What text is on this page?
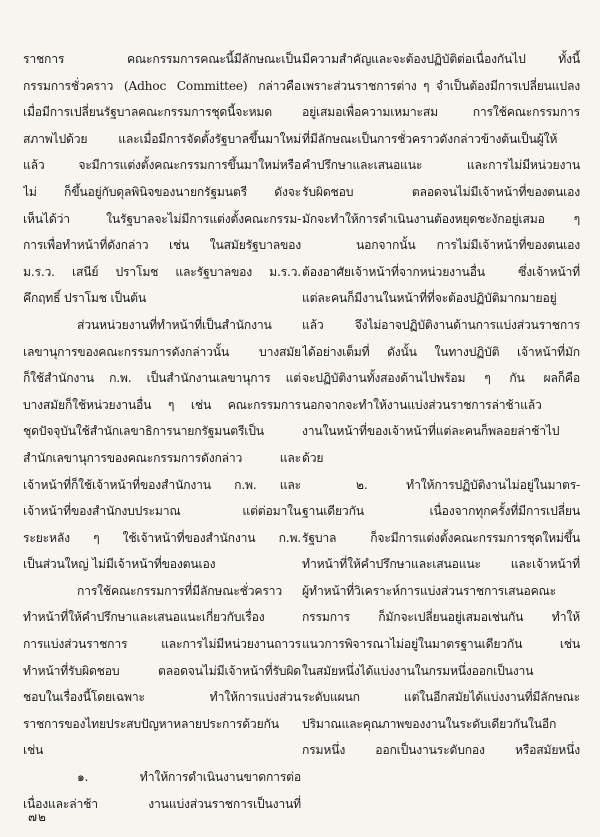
ราชการ คณะกรรมการคณะนี้มีลักษณะเป็น
กรรมการชั่วคราว (Adhoc Committee) กล่าวคือ
เมื่อมีการเปลี่ยนรัฐบาลคณะกรรมการชุดนี้จะหมด
สภาพไปด้วย และเมื่อมีการจัดตั้งรัฐบาลขึ้นมาใหม่
แล้ว จะมีการแต่งตั้งคณะกรรมการขึ้นมาใหม่หรือ
ไม่ ก็ขึ้นอยู่กับดุลพินิจของนายกรัฐมนตรี ดังจะ
เห็นได้ว่า ในรัฐบาลจะไม่มีการแต่งตั้งคณะกรรม-
การเพื่อทำหน้าที่ดังกล่าว เช่น ในสมัยรัฐบาลของ
ม.ร.ว. เสนีย์ ปราโมช และรัฐบาลของ ม.ร.ว.
คึกฤทธิ์ ปราโมช เป็นต้น
ส่วนหน่วยงานที่ทำหน้าที่เป็นสำนักงาน
เลขานุการของคณะกรรมการดังกล่าวนั้น บางสมัย
ก็ใช้สำนักงาน ก.พ. เป็นสำนักงานเลขานุการ แต่
บางสมัยก็ใช้หน่วยงานอื่น ๆ เช่น คณะกรรมการ
ชุดปัจจุบันใช้สำนักเลขาธิการนายกรัฐมนตรีเป็น
สำนักเลขานุการของคณะกรรมการดังกล่าว และ
เจ้าหน้าที่ก็ใช้เจ้าหน้าที่ของสำนักงาน ก.พ. และ
เจ้าหน้าที่ของสำนักงบประมาณ แต่ต่อมาใน
ระยะหลัง ๆ ใช้เจ้าหน้าที่ของสำนักงาน ก.พ.
เป็นส่วนใหญ่ ไม่มีเจ้าหน้าที่ของตนเอง
การใช้คณะกรรมการที่มีลักษณะชั่วคราว
ทำหน้าที่ให้คำปรึกษาและเสนอแนะเกี่ยวกับเรื่อง
การแบ่งส่วนราชการ และการไม่มีหน่วยงานถาวร
ทำหน้าที่รับผิดชอบ ตลอดจนไม่มีเจ้าหน้าที่รับผิด
ชอบในเรื่องนี้โดยเฉพาะ ทำให้การแบ่งส่วน
ราชการของไทยประสบปัญหาหลายประการด้วยกัน
เช่น
๑. ทำให้การดำเนินงานขาดการต่อ
เนื่องและล่าช้า งานแบ่งส่วนราชการเป็นงานที่
มีความสำคัญและจะต้องปฏิบัติต่อเนื่องกันไป ทั้งนี้
เพราะส่วนราชการต่าง ๆ จำเป็นต้องมีการเปลี่ยนแปลง
อยู่เสมอเพื่อความเหมาะสม การใช้คณะกรรมการ
ที่มีลักษณะเป็นการชั่วคราวดังกล่าวข้างต้นเป็นผู้ให้
คำปรึกษาและเสนอแนะ และการไม่มีหน่วยงาน
รับผิดชอบ ตลอดจนไม่มีเจ้าหน้าที่ของตนเอง
มักจะทำให้การดำเนินงานต้องหยุดชะงักอยู่เสมอ ๆ
นอกจากนั้น การไม่มีเจ้าหน้าที่ของตนเอง
ต้องอาศัยเจ้าหน้าที่จากหน่วยงานอื่น ซึ่งเจ้าหน้าที่
แต่ละคนก็มีงานในหน้าที่ที่จะต้องปฏิบัติมากมายอยู่
แล้ว จึงไม่อาจปฏิบัติงานด้านการแบ่งส่วนราชการ
ได้อย่างเต็มที่ ดังนั้น ในทางปฏิบัติ เจ้าหน้าที่มัก
จะปฏิบัติงานทั้งสองด้านไปพร้อม ๆ กัน ผลก็คือ
นอกจากจะทำให้งานแบ่งส่วนราชการล่าช้าแล้ว
งานในหน้าที่ของเจ้าหน้าที่แต่ละคนก็พลอยล่าช้าไป
ด้วย
๒. ทำให้การปฏิบัติงานไม่อยู่ในมาตร-
ฐานเดียวกัน เนื่องจากทุกครั้งที่มีการเปลี่ยน
รัฐบาล ก็จะมีการแต่งตั้งคณะกรรมการชุดใหม่ขึ้น
ทำหน้าที่ให้คำปรึกษาและเสนอแนะ และเจ้าหน้าที่
ผู้ทำหน้าที่วิเคราะห์การแบ่งส่วนราชการเสนอคณะ
กรรมการ ก็มักจะเปลี่ยนอยู่เสมอเช่นกัน ทำให้
แนวการพิจารณาไม่อยู่ในมาตรฐานเดียวกัน เช่น
ในสมัยหนึ่งได้แบ่งงานในกรมหนึ่งออกเป็นงาน
ระดับแผนก แต่ในอีกสมัยได้แบ่งงานที่มีลักษณะ
ปริมาณและคุณภาพของงานในระดับเดียวกันในอีก
กรมหนึ่ง ออกเป็นงานระดับกอง หรือสมัยหนึ่ง
๗๒
